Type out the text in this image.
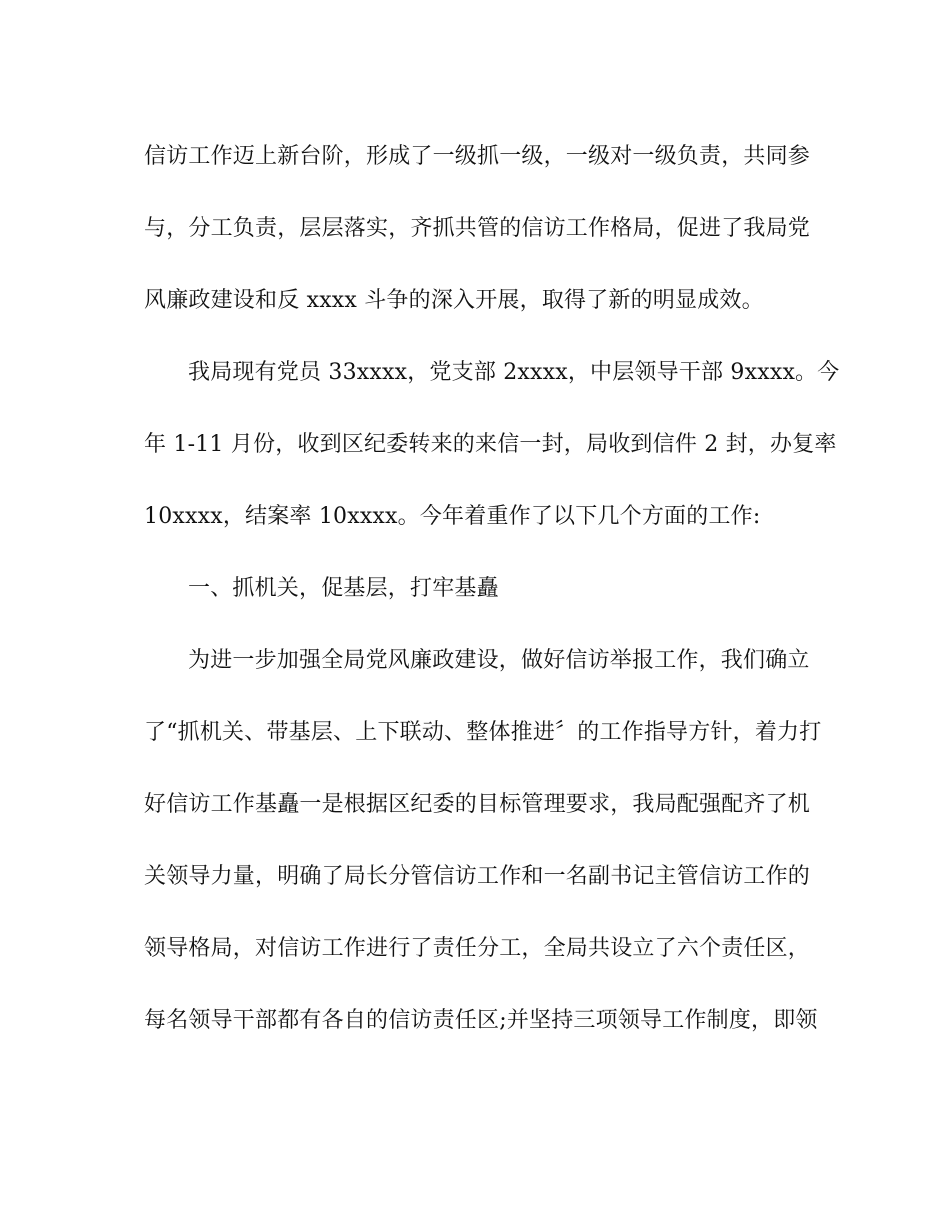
信访工作迈上新台阶，形成了一级抓一级，一级对一级负责，共同参
与，分工负责，层层落实，齐抓共管的信访工作格局，促进了我局党
风廉政建设和反 xxxx 斗争的深入开展，取得了新的明显成效。
我局现有党员 33xxxx，党支部 2xxxx，中层领导干部 9xxxx。今
年 1-11 月份，收到区纪委转来的来信一封，局收到信件 2 封，办复率
10xxxx，结案率 10xxxx。今年着重作了以下几个方面的工作:
一、抓机关，促基层，打牢基矗
为进一步加强全局党风廉政建设，做好信访举报工作，我们确立
了“抓机关、带基层、上下联动、整体推进〞的工作指导方针，着力打
好信访工作基矗一是根据区纪委的目标管理要求，我局配强配齐了机
关领导力量，明确了局长分管信访工作和一名副书记主管信访工作的
领导格局，对信访工作进行了责任分工，全局共设立了六个责任区，
每名领导干部都有各自的信访责任区;并坚持三项领导工作制度，即领
